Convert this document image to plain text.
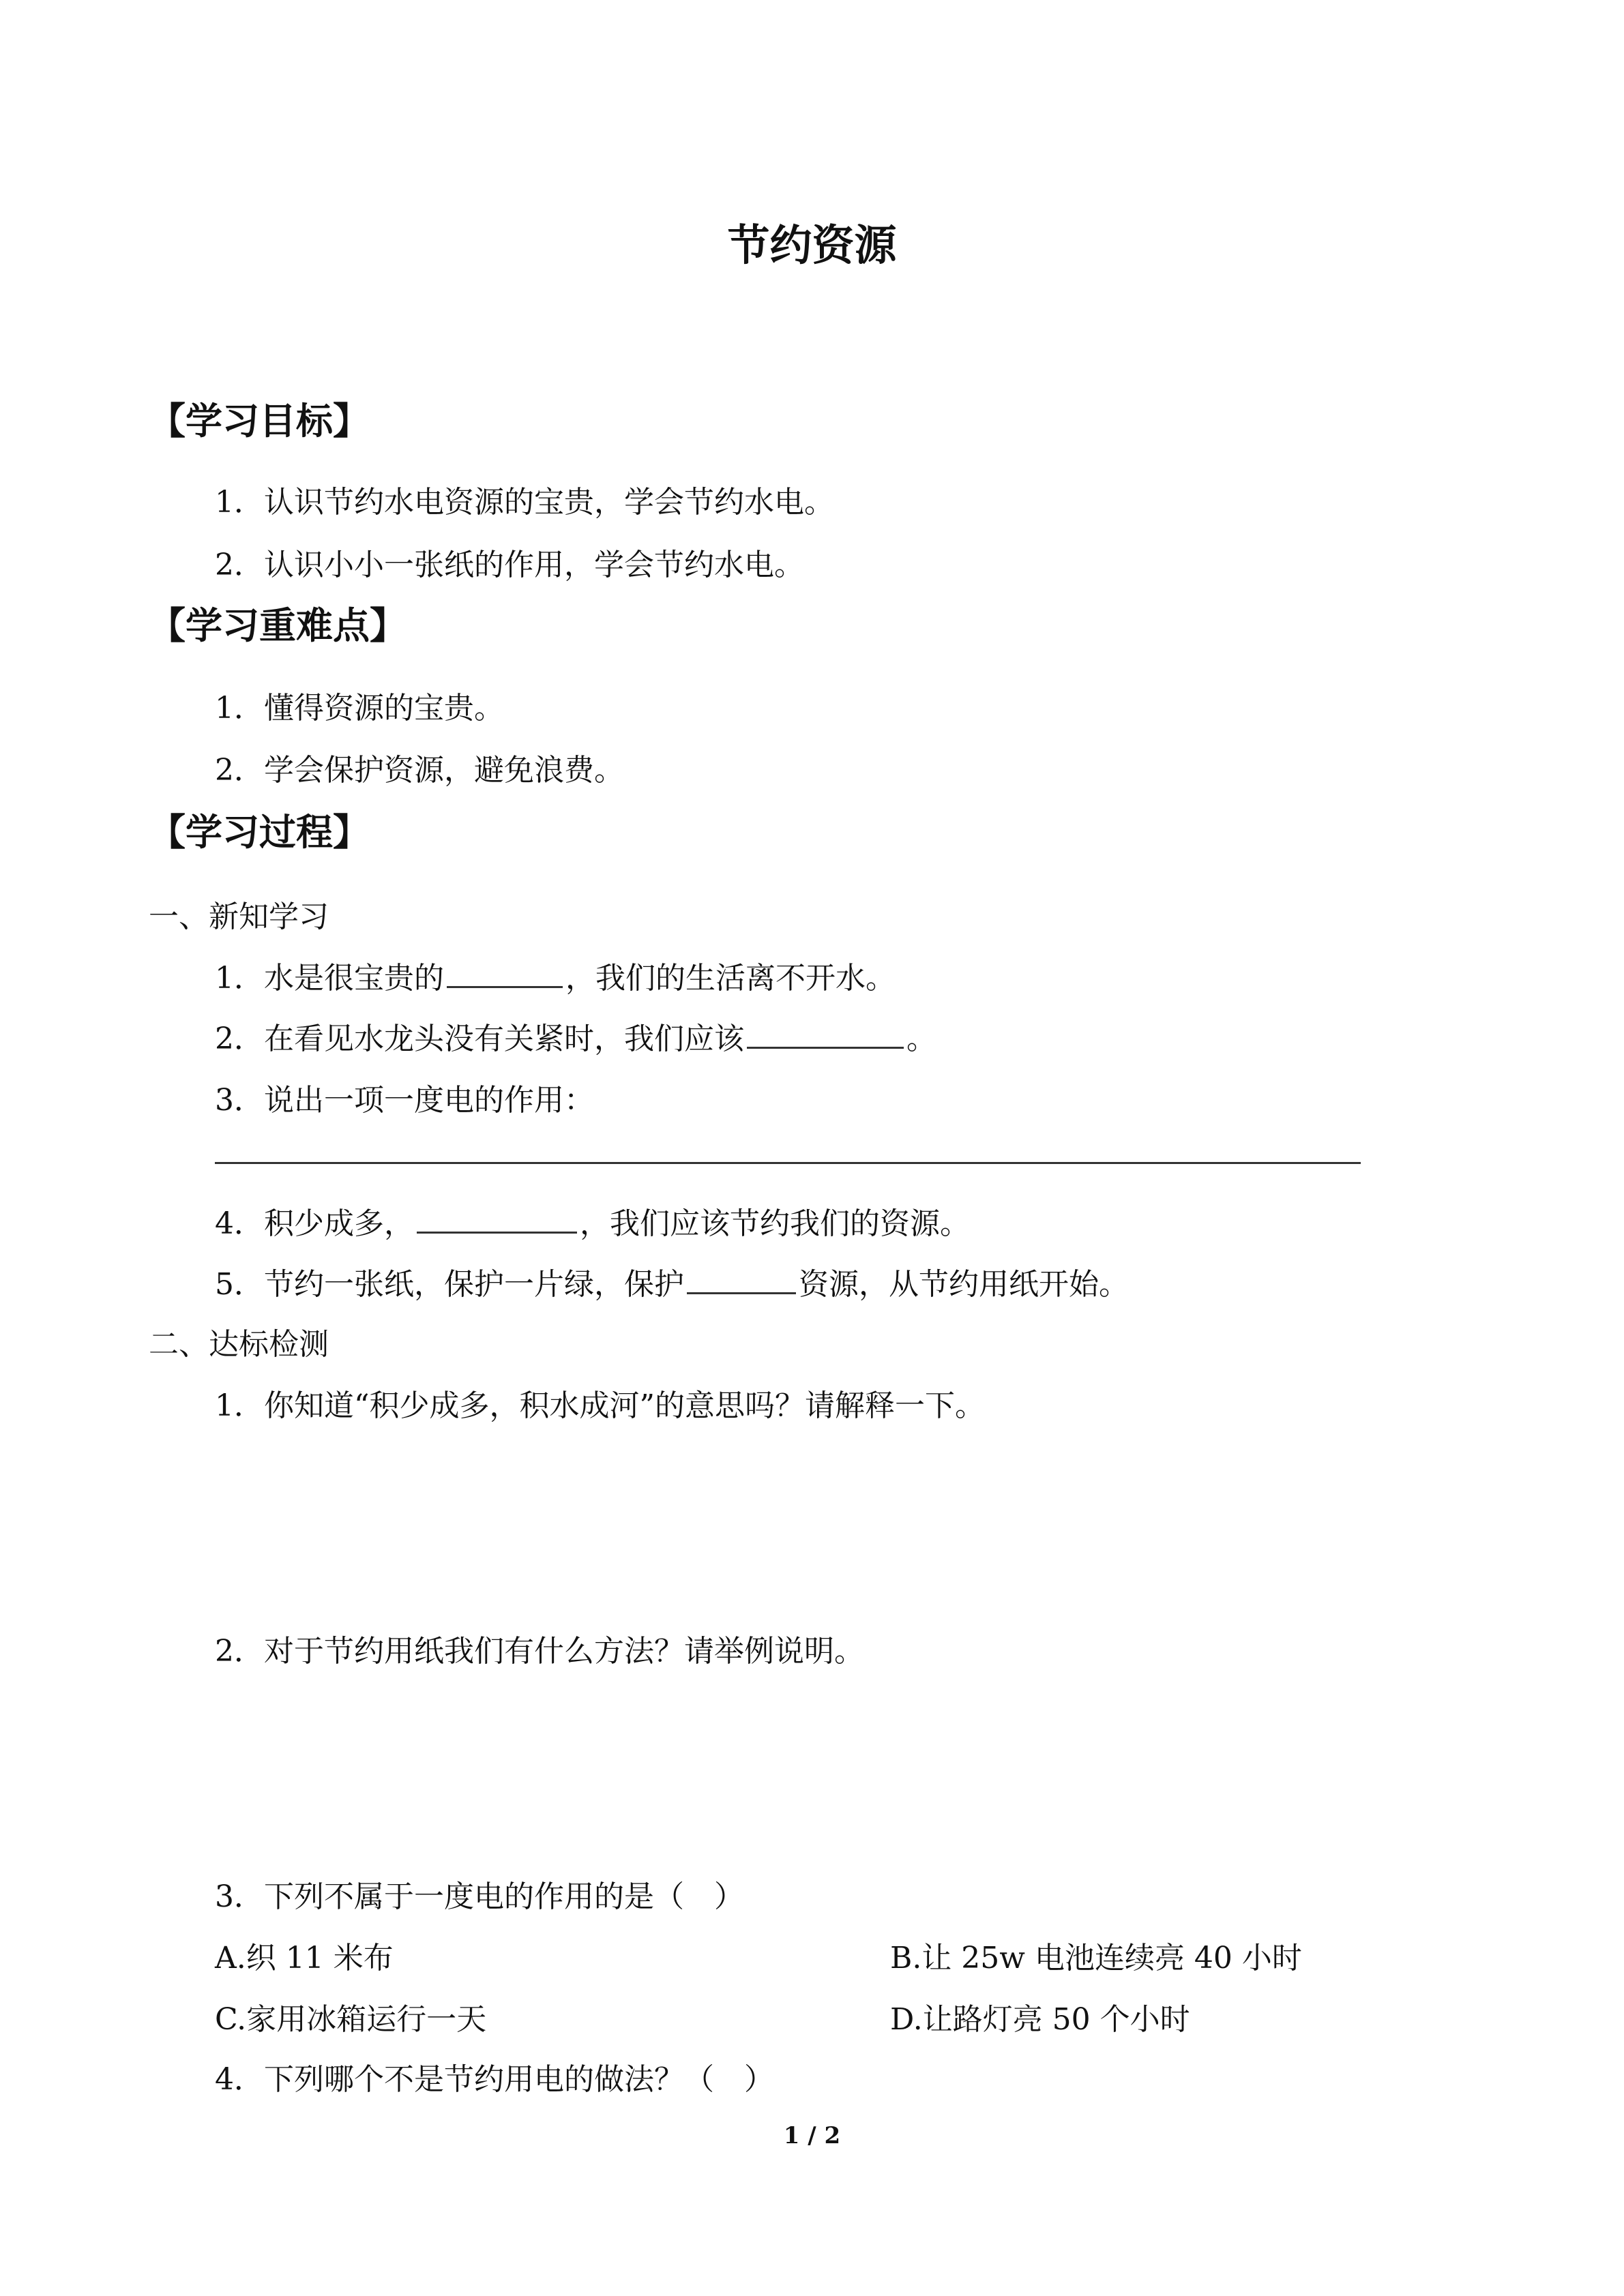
节约资源
【学习目标】
1．认识节约水电资源的宝贵，学会节约水电。
2．认识小小一张纸的作用，学会节约水电。
【学习重难点】
1．懂得资源的宝贵。
2．学会保护资源，避免浪费。
【学习过程】
一、新知学习
1．水是很宝贵的	，我们的生活离不开水。
2．在看见水龙头没有关紧时，我们应该	。
3．说出一项一度电的作用：
4．积少成多，	，我们应该节约我们的资源。
5．节约一张纸，保护一片绿，保护	资源，从节约用纸开始。
二、达标检测
1．你知道“积少成多，积水成河”的意思吗？请解释一下。
2．对于节约用纸我们有什么方法？请举例说明。
3．下列不属于一度电的作用的是（　）
A.织 11 米布	B.让 25w 电池连续亮 40 小时
C.家用冰箱运行一天	D.让路灯亮 50 个小时
4．下列哪个不是节约用电的做法？（　）
1 / 2
